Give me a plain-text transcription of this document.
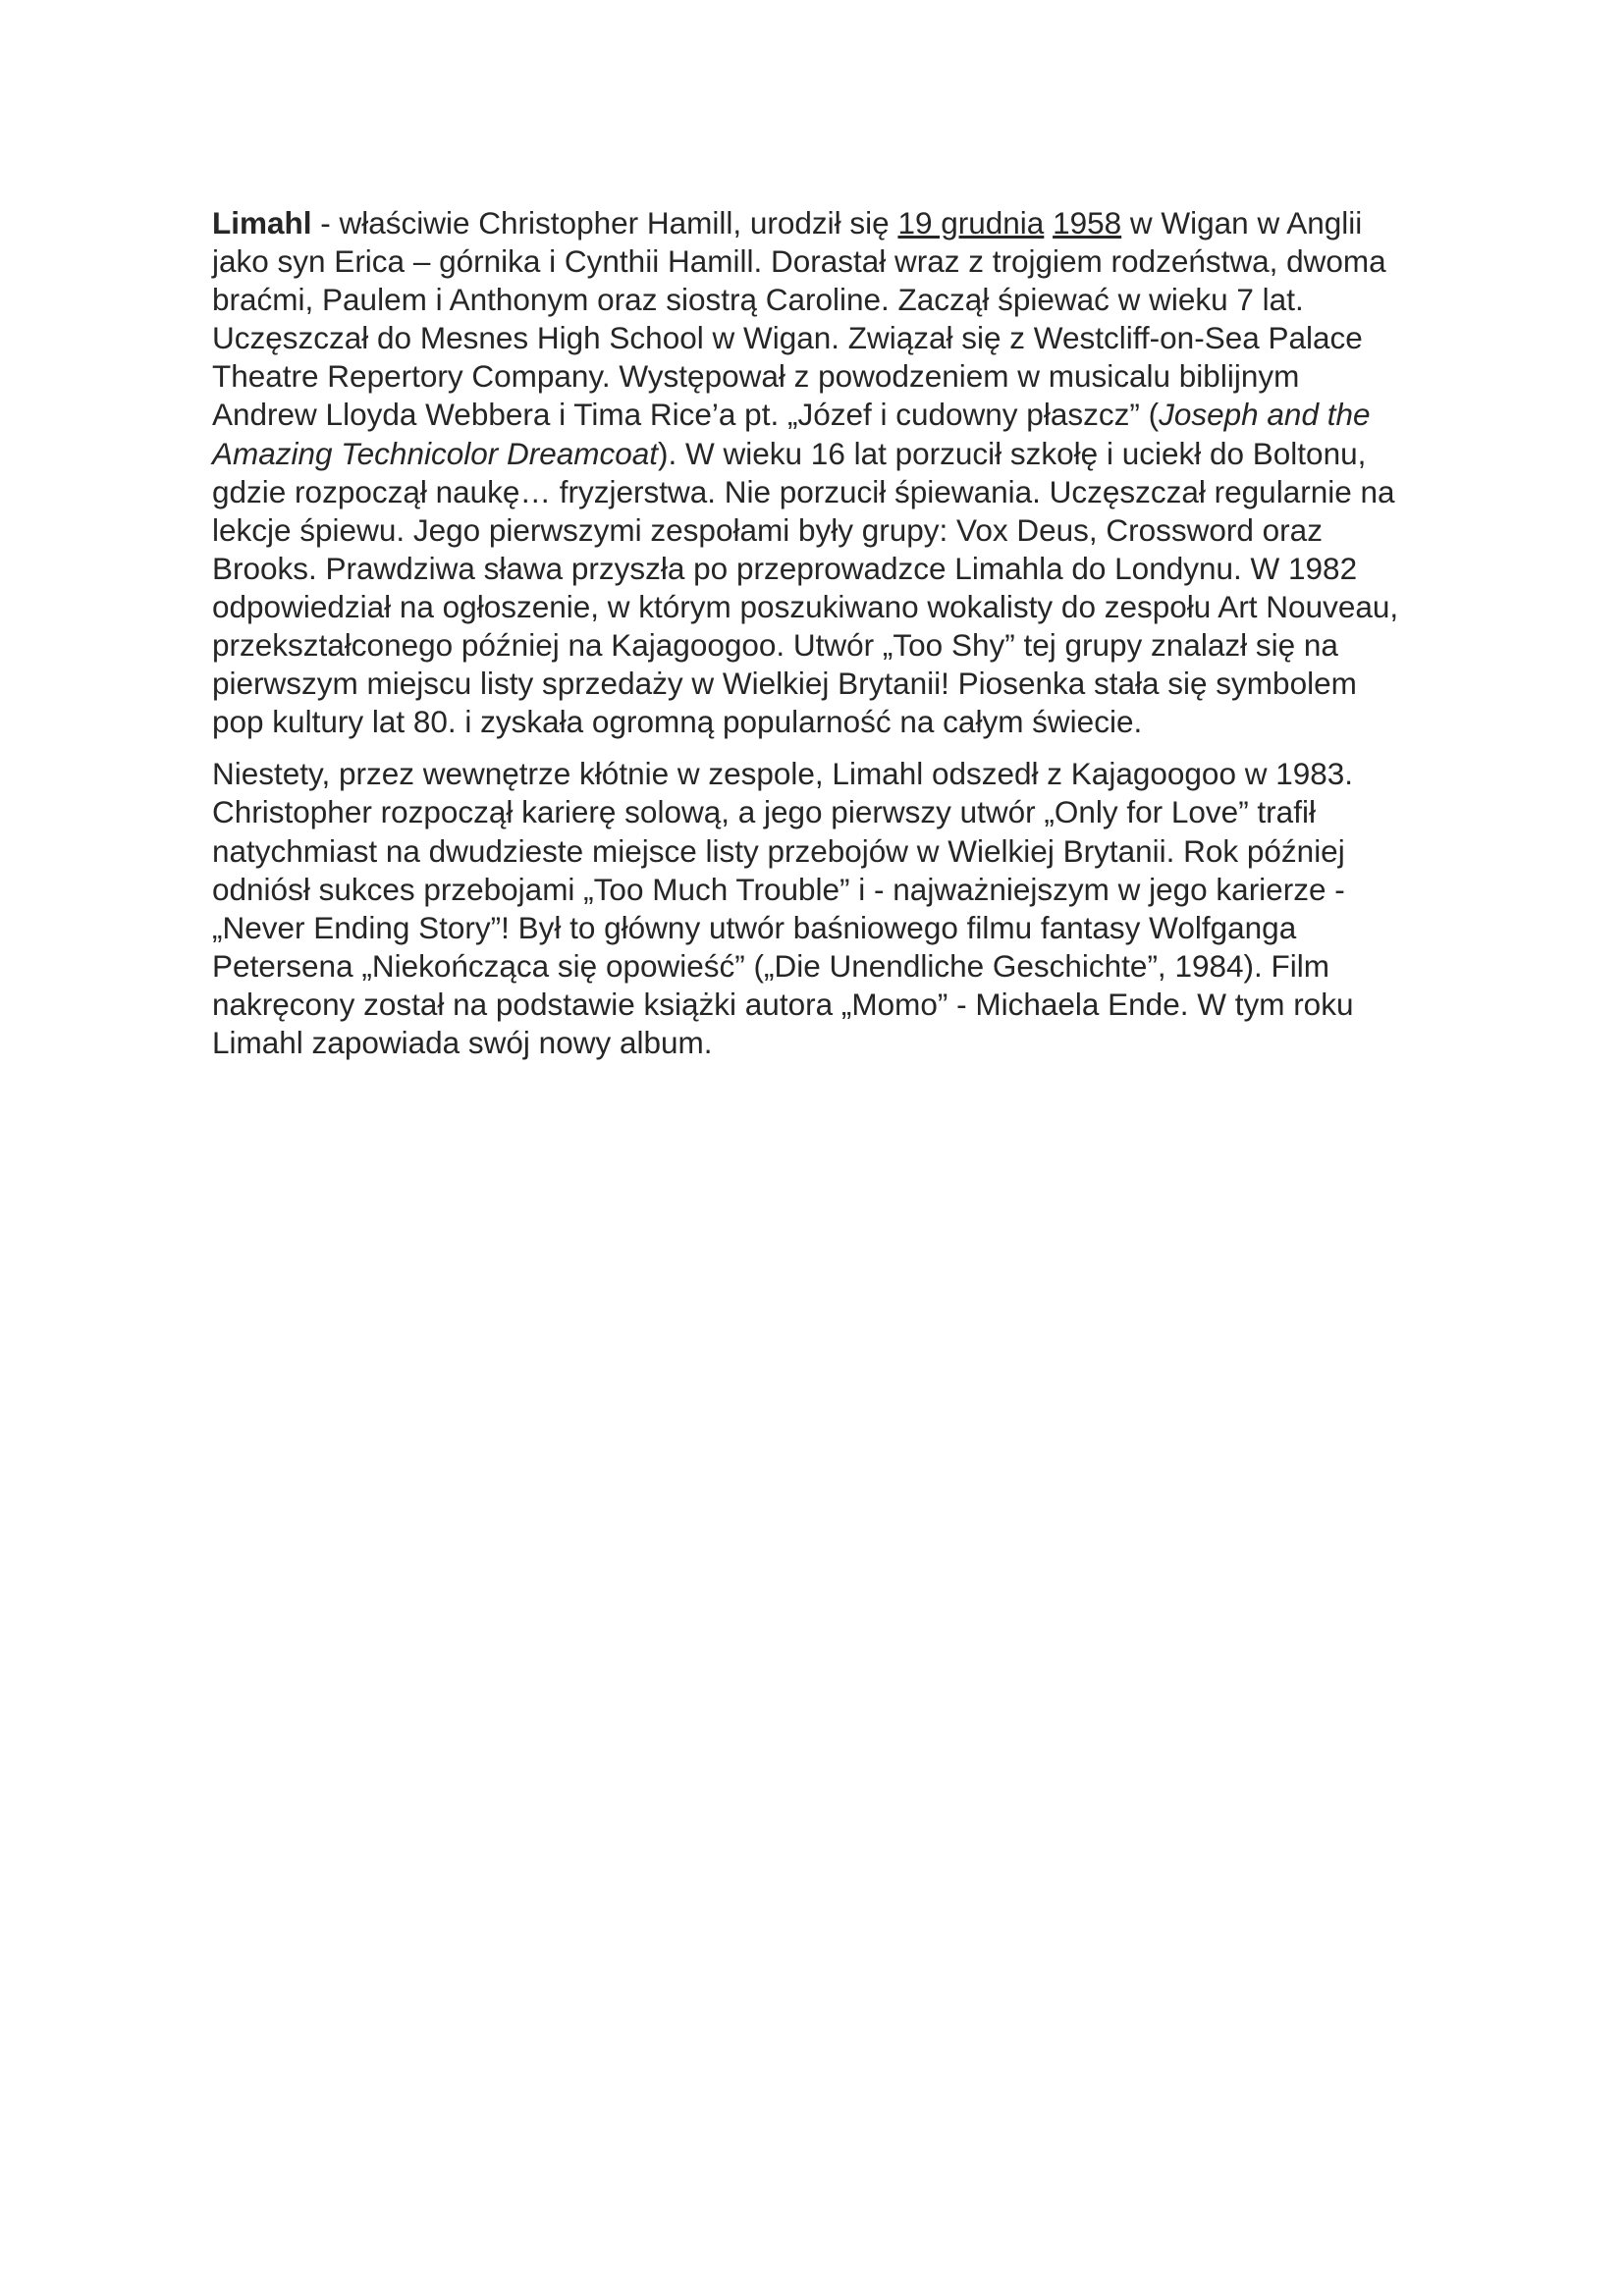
Limahl - właściwie Christopher Hamill, urodził się 19 grudnia 1958 w Wigan w Anglii
jako syn Erica – górnika i Cynthii Hamill. Dorastał wraz z trojgiem rodzeństwa, dwoma
braćmi, Paulem i Anthonym oraz siostrą Caroline. Zaczął śpiewać w wieku 7 lat.
Uczęszczał do Mesnes High School w Wigan. Związał się z Westcliff-on-Sea Palace
Theatre Repertory Company. Występował z powodzeniem w musicalu biblijnym
Andrew Lloyda Webbera i Tima Rice’a pt. „Józef i cudowny płaszcz” (Joseph and the
Amazing Technicolor Dreamcoat). W wieku 16 lat porzucił szkołę i uciekł do Boltonu,
gdzie rozpoczął naukę… fryzjerstwa. Nie porzucił śpiewania. Uczęszczał regularnie na
lekcje śpiewu. Jego pierwszymi zespołami były grupy: Vox Deus, Crossword oraz
Brooks. Prawdziwa sława przyszła po przeprowadzce Limahla do Londynu. W 1982
odpowiedział na ogłoszenie, w którym poszukiwano wokalisty do zespołu Art Nouveau,
przekształconego później na Kajagoogoo. Utwór „Too Shy” tej grupy znalazł się na
pierwszym miejscu listy sprzedaży w Wielkiej Brytanii! Piosenka stała się symbolem
pop kultury lat 80. i zyskała ogromną popularność na całym świecie.
Niestety, przez wewnętrze kłótnie w zespole, Limahl odszedł z Kajagoogoo w 1983.
Christopher rozpoczął karierę solową, a jego pierwszy utwór „Only for Love” trafił
natychmiast na dwudzieste miejsce listy przebojów w Wielkiej Brytanii. Rok później
odniósł sukces przebojami „Too Much Trouble” i - najważniejszym w jego karierze -
„Never Ending Story”! Był to główny utwór baśniowego filmu fantasy Wolfganga
Petersena „Niekończąca się opowieść” („Die Unendliche Geschichte”, 1984). Film
nakręcony został na podstawie książki autora „Momo” - Michaela Ende. W tym roku
Limahl zapowiada swój nowy album.
